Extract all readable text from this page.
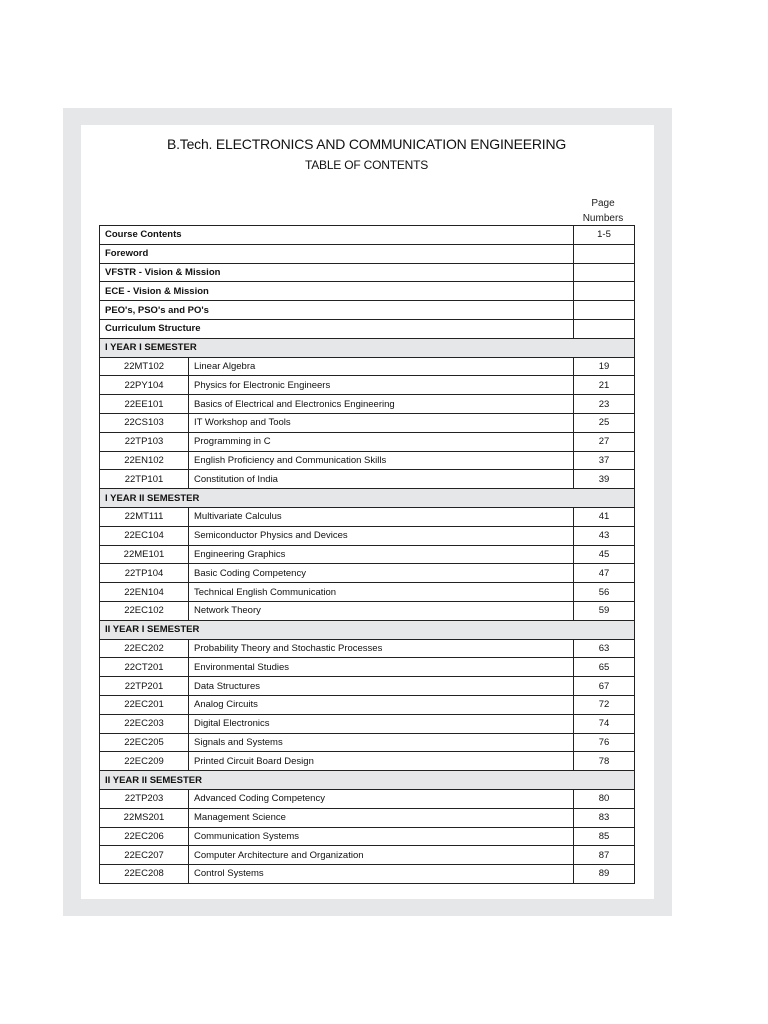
B.Tech. ELECTRONICS AND COMMUNICATION ENGINEERING
TABLE OF CONTENTS
Page
Numbers
Course Contents		1-5
Foreword		
VFSTR - Vision & Mission		
ECE - Vision & Mission		
PEO's, PSO's and PO's		
Curriculum Structure		
I YEAR I SEMESTER		
22MT102	Linear Algebra	19
22PY104	Physics for Electronic Engineers	21
22EE101	Basics of Electrical and Electronics Engineering	23
22CS103	IT Workshop and Tools	25
22TP103	Programming in C	27
22EN102	English Proficiency and Communication Skills	37
22TP101	Constitution of India	39
I YEAR II SEMESTER		
22MT111	Multivariate Calculus	41
22EC104	Semiconductor Physics and Devices	43
22ME101	Engineering Graphics	45
22TP104	Basic Coding Competency	47
22EN104	Technical English Communication	56
22EC102	Network Theory	59
II YEAR I SEMESTER		
22EC202	Probability Theory and Stochastic Processes	63
22CT201	Environmental Studies	65
22TP201	Data Structures	67
22EC201	Analog Circuits	72
22EC203	Digital Electronics	74
22EC205	Signals and Systems	76
22EC209	Printed Circuit Board Design	78
II YEAR II SEMESTER		
22TP203	Advanced Coding Competency	80
22MS201	Management Science	83
22EC206	Communication Systems	85
22EC207	Computer Architecture and Organization	87
22EC208	Control Systems	89
